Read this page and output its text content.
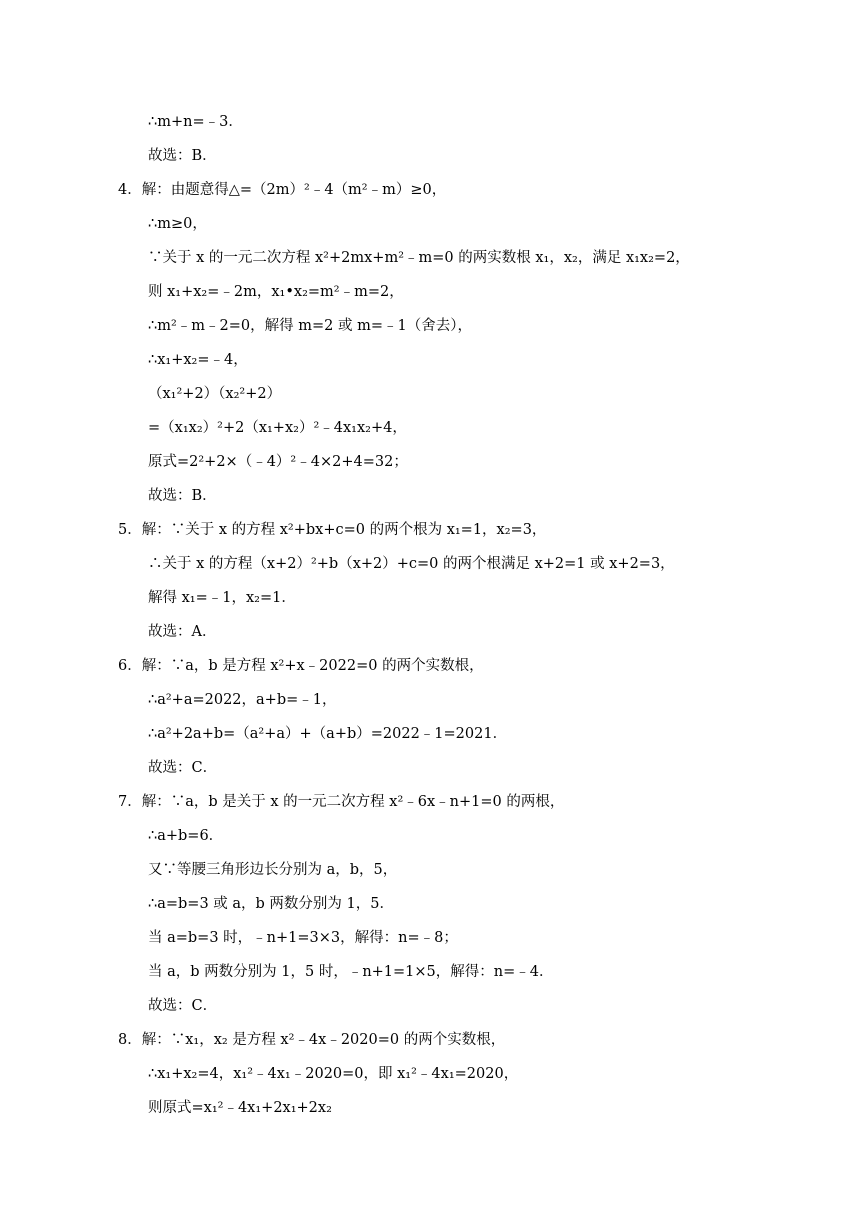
∴m+n=﹣3．
故选：B．
4．解：由题意得△=（2m）²﹣4（m²﹣m）≥0，
∴m≥0，
∵关于 x 的一元二次方程 x²+2mx+m²﹣m=0 的两实数根 x₁，x₂，满足 x₁x₂=2，
则 x₁+x₂=﹣2m，x₁•x₂=m²﹣m=2，
∴m²﹣m﹣2=0，解得 m=2 或 m=﹣1（舍去），
∴x₁+x₂=﹣4，
（x₁²+2）（x₂²+2）
=（x₁x₂）²+2（x₁+x₂）²﹣4x₁x₂+4，
原式=2²+2×（﹣4）²﹣4×2+4=32；
故选：B．
5．解：∵关于 x 的方程 x²+bx+c=0 的两个根为 x₁=1，x₂=3，
∴关于 x 的方程（x+2）²+b（x+2）+c=0 的两个根满足 x+2=1 或 x+2=3，
解得 x₁=﹣1，x₂=1．
故选：A．
6．解：∵a，b 是方程 x²+x﹣2022=0 的两个实数根，
∴a²+a=2022，a+b=﹣1，
∴a²+2a+b=（a²+a）+（a+b）=2022﹣1=2021．
故选：C．
7．解：∵a，b 是关于 x 的一元二次方程 x²﹣6x﹣n+1=0 的两根，
∴a+b=6．
又∵等腰三角形边长分别为 a，b，5，
∴a=b=3 或 a，b 两数分别为 1，5．
当 a=b=3 时，﹣n+1=3×3，解得：n=﹣8；
当 a，b 两数分别为 1，5 时，﹣n+1=1×5，解得：n=﹣4．
故选：C．
8．解：∵x₁，x₂ 是方程 x²﹣4x﹣2020=0 的两个实数根，
∴x₁+x₂=4，x₁²﹣4x₁﹣2020=0，即 x₁²﹣4x₁=2020，
则原式=x₁²﹣4x₁+2x₁+2x₂
